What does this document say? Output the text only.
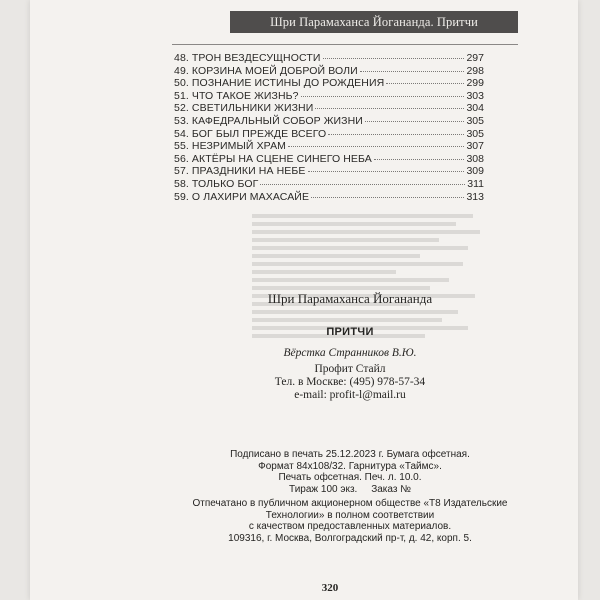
Шри Парамаханса Йогананда. Притчи
48. ТРОН ВЕЗДЕСУЩНОСТИ	297
49. КОРЗИНА МОЕЙ ДОБРОЙ ВОЛИ	298
50. ПОЗНАНИЕ ИСТИНЫ ДО РОЖДЕНИЯ	299
51. ЧТО ТАКОЕ ЖИЗНЬ?	303
52. СВЕТИЛЬНИКИ ЖИЗНИ	304
53. КАФЕДРАЛЬНЫЙ СОБОР ЖИЗНИ	305
54. БОГ БЫЛ ПРЕЖДЕ ВСЕГО	305
55. НЕЗРИМЫЙ ХРАМ	307
56. АКТЁРЫ НА СЦЕНЕ СИНЕГО НЕБА	308
57. ПРАЗДНИКИ НА НЕБЕ	309
58. ТОЛЬКО БОГ	311
59. О ЛАХИРИ МАХАСАЙЕ	313
Шри Парамаханса Йогананда
ПРИТЧИ
Вёрстка Странников В.Ю.
Профит Стайл
Тел. в Москве: (495) 978-57-34
e-mail: profit-l@mail.ru
Подписано в печать 25.12.2023 г. Бумага офсетная.
Формат 84х108/32. Гарнитура «Таймс».
Печать офсетная. Печ. л. 10.0.
Тираж 100 экз.     Заказ №
Отпечатано в публичном акционерном обществе «Т8 Издательские
Технологии» в полном соответствии
с качеством предоставленных материалов.
109316, г. Москва, Волгоградский пр-т, д. 42, корп. 5.
320
